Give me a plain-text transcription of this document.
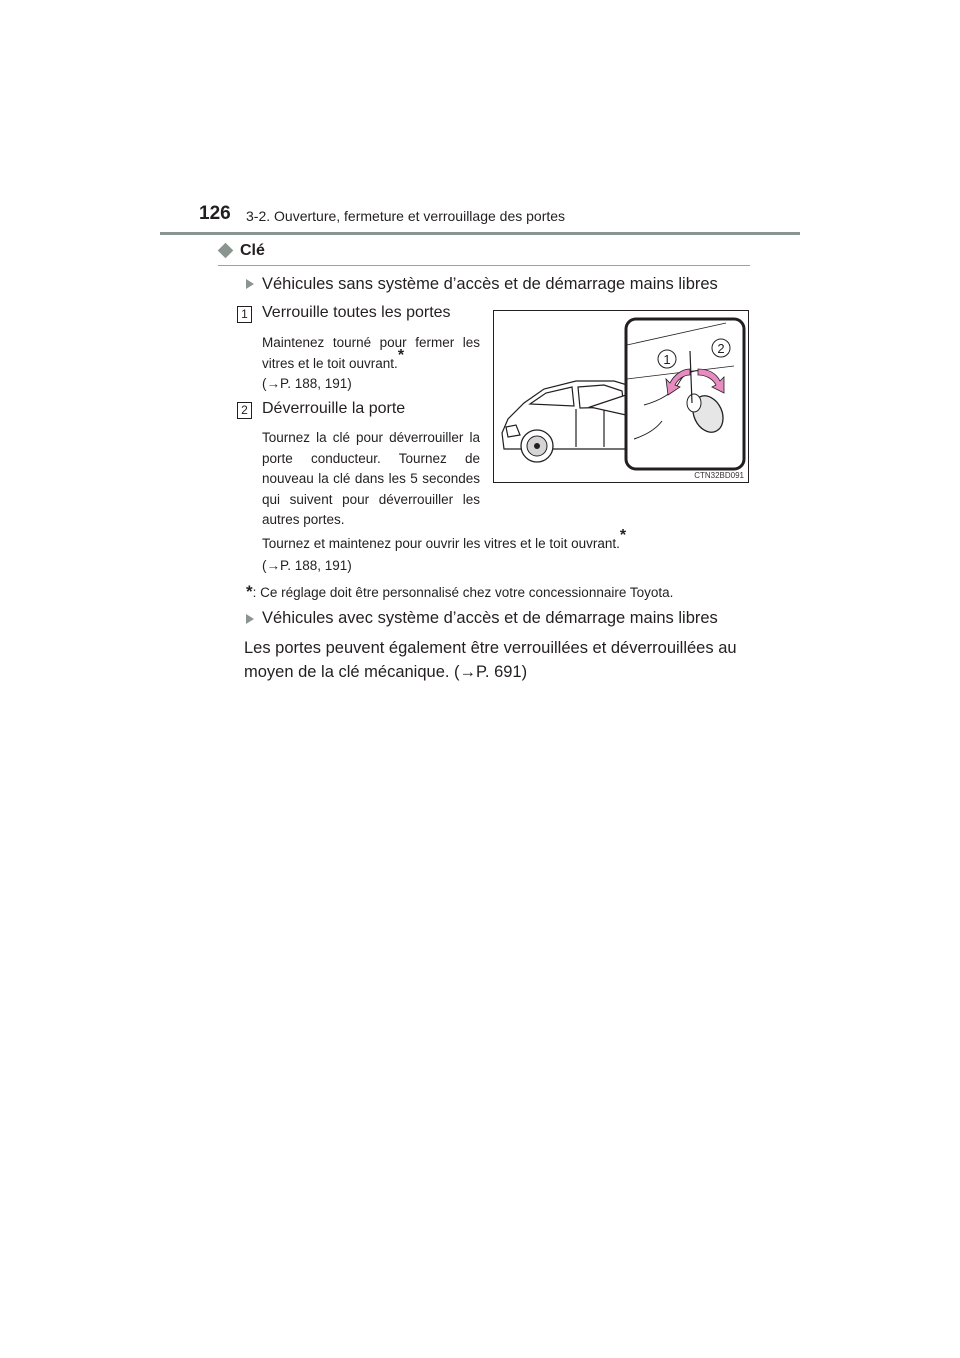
126 3-2. Ouverture, fermeture et verrouillage des portes
Clé
Véhicules sans système d’accès et de démarrage mains libres
1 Verrouille toutes les portes
Maintenez tourné pour fermer les vitres et le toit ouvrant.*
(→P. 188, 191)
2 Déverrouille la porte
Tournez la clé pour déverrouiller la porte conducteur. Tournez de nouveau la clé dans les 5 secondes qui suivent pour déverrouiller les autres portes.
Tournez et maintenez pour ouvrir les vitres et le toit ouvrant.*
(→P. 188, 191)
*: Ce réglage doit être personnalisé chez votre concessionnaire Toyota.
Véhicules avec système d’accès et de démarrage mains libres
Les portes peuvent également être verrouillées et déverrouillées au moyen de la clé mécanique. (→P. 691)
1
2
CTN32BD091
